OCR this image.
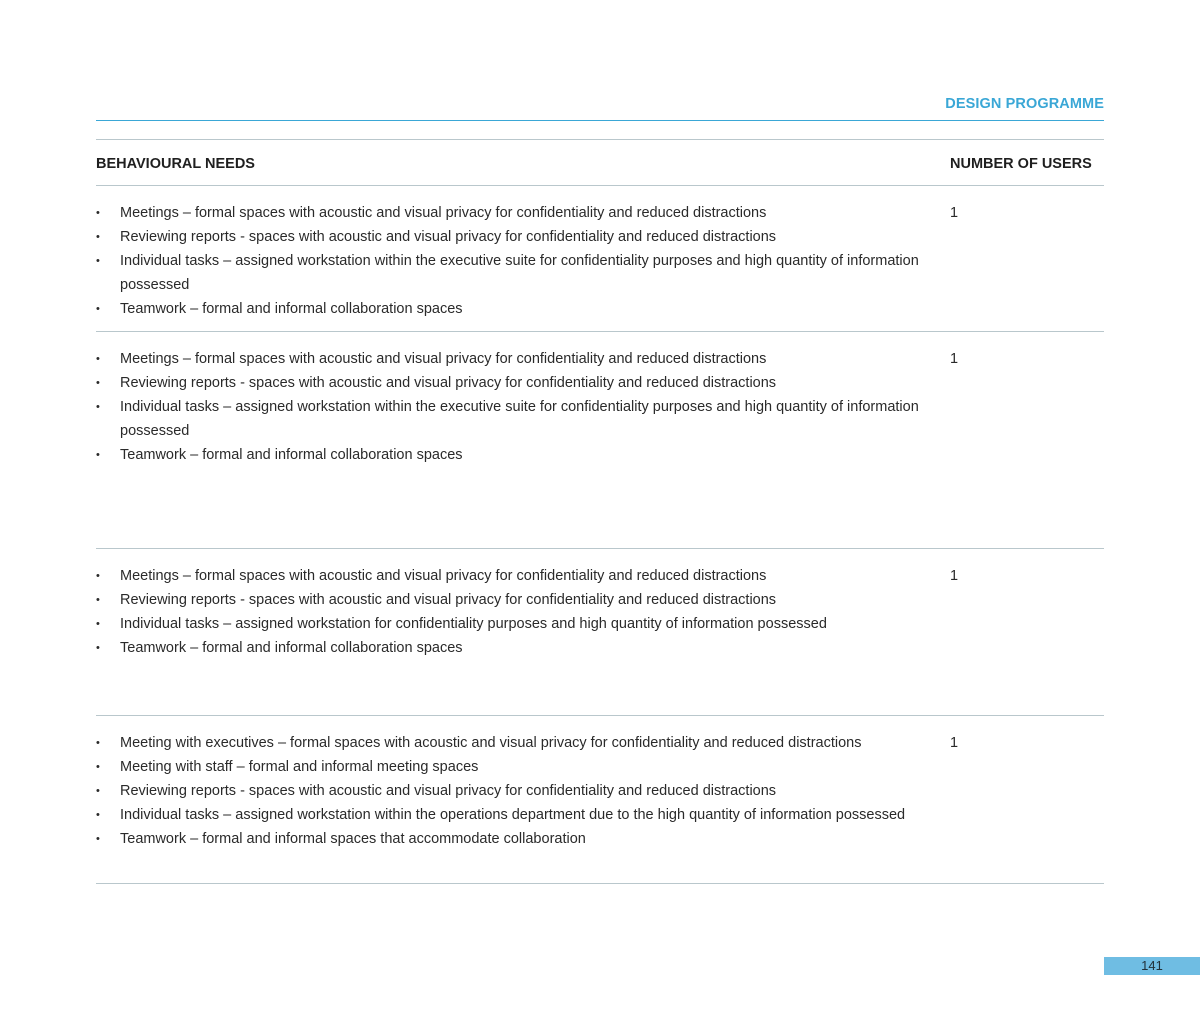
DESIGN PROGRAMME
BEHAVIOURAL NEEDS	NUMBER OF USERS
•	Meetings – formal spaces with acoustic and visual privacy for confidentiality and reduced distractions
•	Reviewing reports - spaces with acoustic and visual privacy for confidentiality and reduced distractions
•	Individual tasks – assigned workstation within the executive suite for confidentiality purposes and high quantity of information possessed
•	Teamwork – formal and informal collaboration spaces
1
•	Meetings – formal spaces with acoustic and visual privacy for confidentiality and reduced distractions
•	Reviewing reports - spaces with acoustic and visual privacy for confidentiality and reduced distractions
•	Individual tasks – assigned workstation within the executive suite for confidentiality purposes and high quantity of information possessed
•	Teamwork – formal and informal collaboration spaces
1
•	Meetings – formal spaces with acoustic and visual privacy for confidentiality and reduced distractions
•	Reviewing reports - spaces with acoustic and visual privacy for confidentiality and reduced distractions
•	Individual tasks – assigned workstation for confidentiality purposes and high quantity of information possessed
•	Teamwork – formal and informal collaboration spaces
1
•	Meeting with executives – formal spaces with acoustic and visual privacy for confidentiality and reduced distractions
•	Meeting with staff – formal and informal meeting spaces
•	Reviewing reports - spaces with acoustic and visual privacy for confidentiality and reduced distractions
•	Individual tasks – assigned workstation within the operations department due to the high quantity of information possessed
•	Teamwork – formal and informal spaces that accommodate collaboration
1
141
